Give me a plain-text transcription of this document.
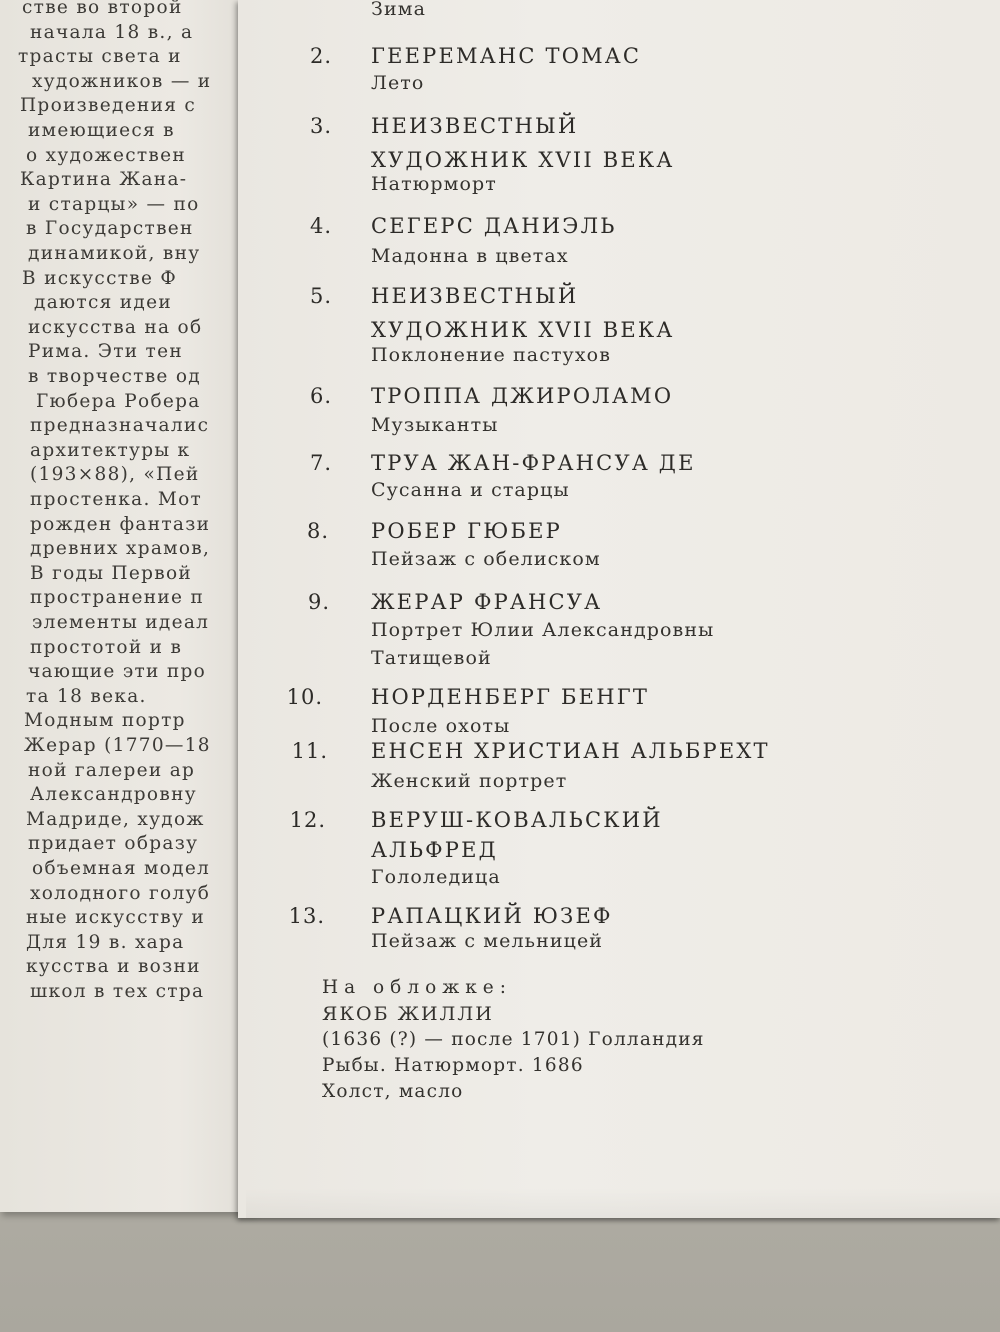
стве во второй
начала 18 в., а
трасты света и
художников — и
Произведения с
имеющиеся в
о художествен
Картина Жана-
и старцы» — по
в Государствен
динамикой, вну
В искусстве Ф
даются идеи
искусства на об
Рима. Эти тен
в творчестве од
Гюбера Робера
предназначалис
архитектуры к
(193×88), «Пей
простенка. Мот
рожден фантази
древних храмов,
В годы Первой
пространение п
элементы идеал
простотой и в
чающие эти про
та 18 века.
Модным портр
Жерар (1770—18
ной галереи ар
Александровну
Мадриде, худож
придает образу
объемная модел
холодного голуб
ные искусству и
Для 19 в. хара
кусства и возни
школ в тех стра
Зима
2. ГЕЕРЕМАНС ТОМАС
Лето
3. НЕИЗВЕСТНЫЙ
ХУДОЖНИК XVII ВЕКА
Натюрморт
4. СЕГЕРС ДАНИЭЛЬ
Мадонна в цветах
5. НЕИЗВЕСТНЫЙ
ХУДОЖНИК XVII ВЕКА
Поклонение пастухов
6. ТРОППА ДЖИРОЛАМО
Музыканты
7. ТРУА ЖАН-ФРАНСУА ДЕ
Сусанна и старцы
8. РОБЕР ГЮБЕР
Пейзаж с обелиском
9. ЖЕРАР ФРАНСУА
Портрет Юлии Александровны
Татищевой
10. НОРДЕНБЕРГ БЕНГТ
После охоты
11. ЕНСЕН ХРИСТИАН АЛЬБРЕХТ
Женский портрет
12. ВЕРУШ-КОВАЛЬСКИЙ
АЛЬФРЕД
Гололедица
13. РАПАЦКИЙ ЮЗЕФ
Пейзаж с мельницей
На обложке:
ЯКОБ ЖИЛЛИ
(1636 (?) — после 1701) Голландия
Рыбы. Натюрморт. 1686
Холст, масло
